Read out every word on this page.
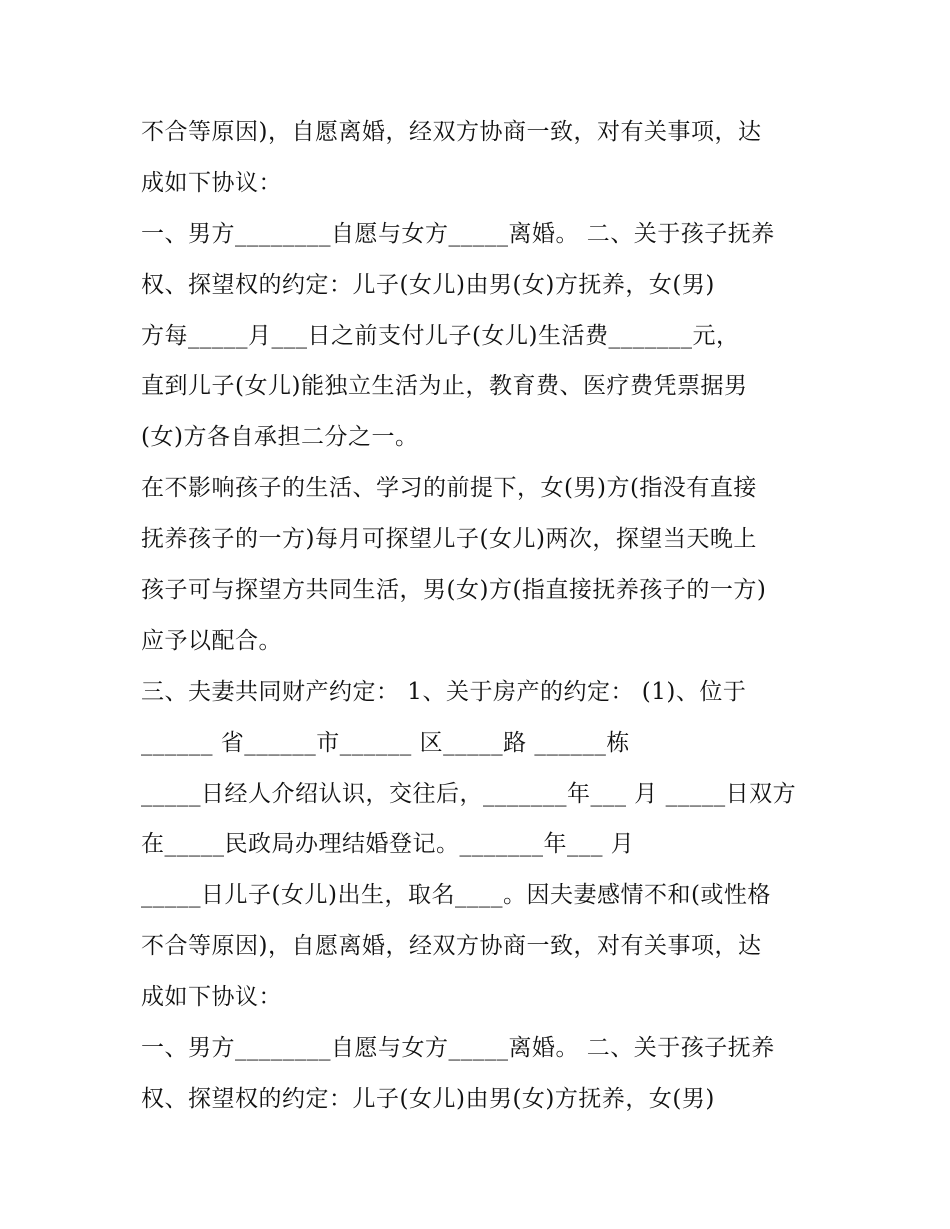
不合等原因)，自愿离婚，经双方协商一致，对有关事项，达
成如下协议：
一、男方________自愿与女方_____离婚。 二、关于孩子抚养
权、探望权的约定：儿子(女儿)由男(女)方抚养，女(男)
方每_____月___日之前支付儿子(女儿)生活费_______元，
直到儿子(女儿)能独立生活为止，教育费、医疗费凭票据男
(女)方各自承担二分之一。
在不影响孩子的生活、学习的前提下，女(男)方(指没有直接
抚养孩子的一方)每月可探望儿子(女儿)两次，探望当天晚上
孩子可与探望方共同生活，男(女)方(指直接抚养孩子的一方)
应予以配合。
三、夫妻共同财产约定： 1、关于房产的约定： (1)、位于
______ 省______市______ 区_____路 ______栋
_____日经人介绍认识，交往后，_______年___ 月 _____日双方
在_____民政局办理结婚登记。_______年___ 月
_____日儿子(女儿)出生，取名____。因夫妻感情不和(或性格
不合等原因)，自愿离婚，经双方协商一致，对有关事项，达
成如下协议：
一、男方________自愿与女方_____离婚。 二、关于孩子抚养
权、探望权的约定：儿子(女儿)由男(女)方抚养，女(男)
